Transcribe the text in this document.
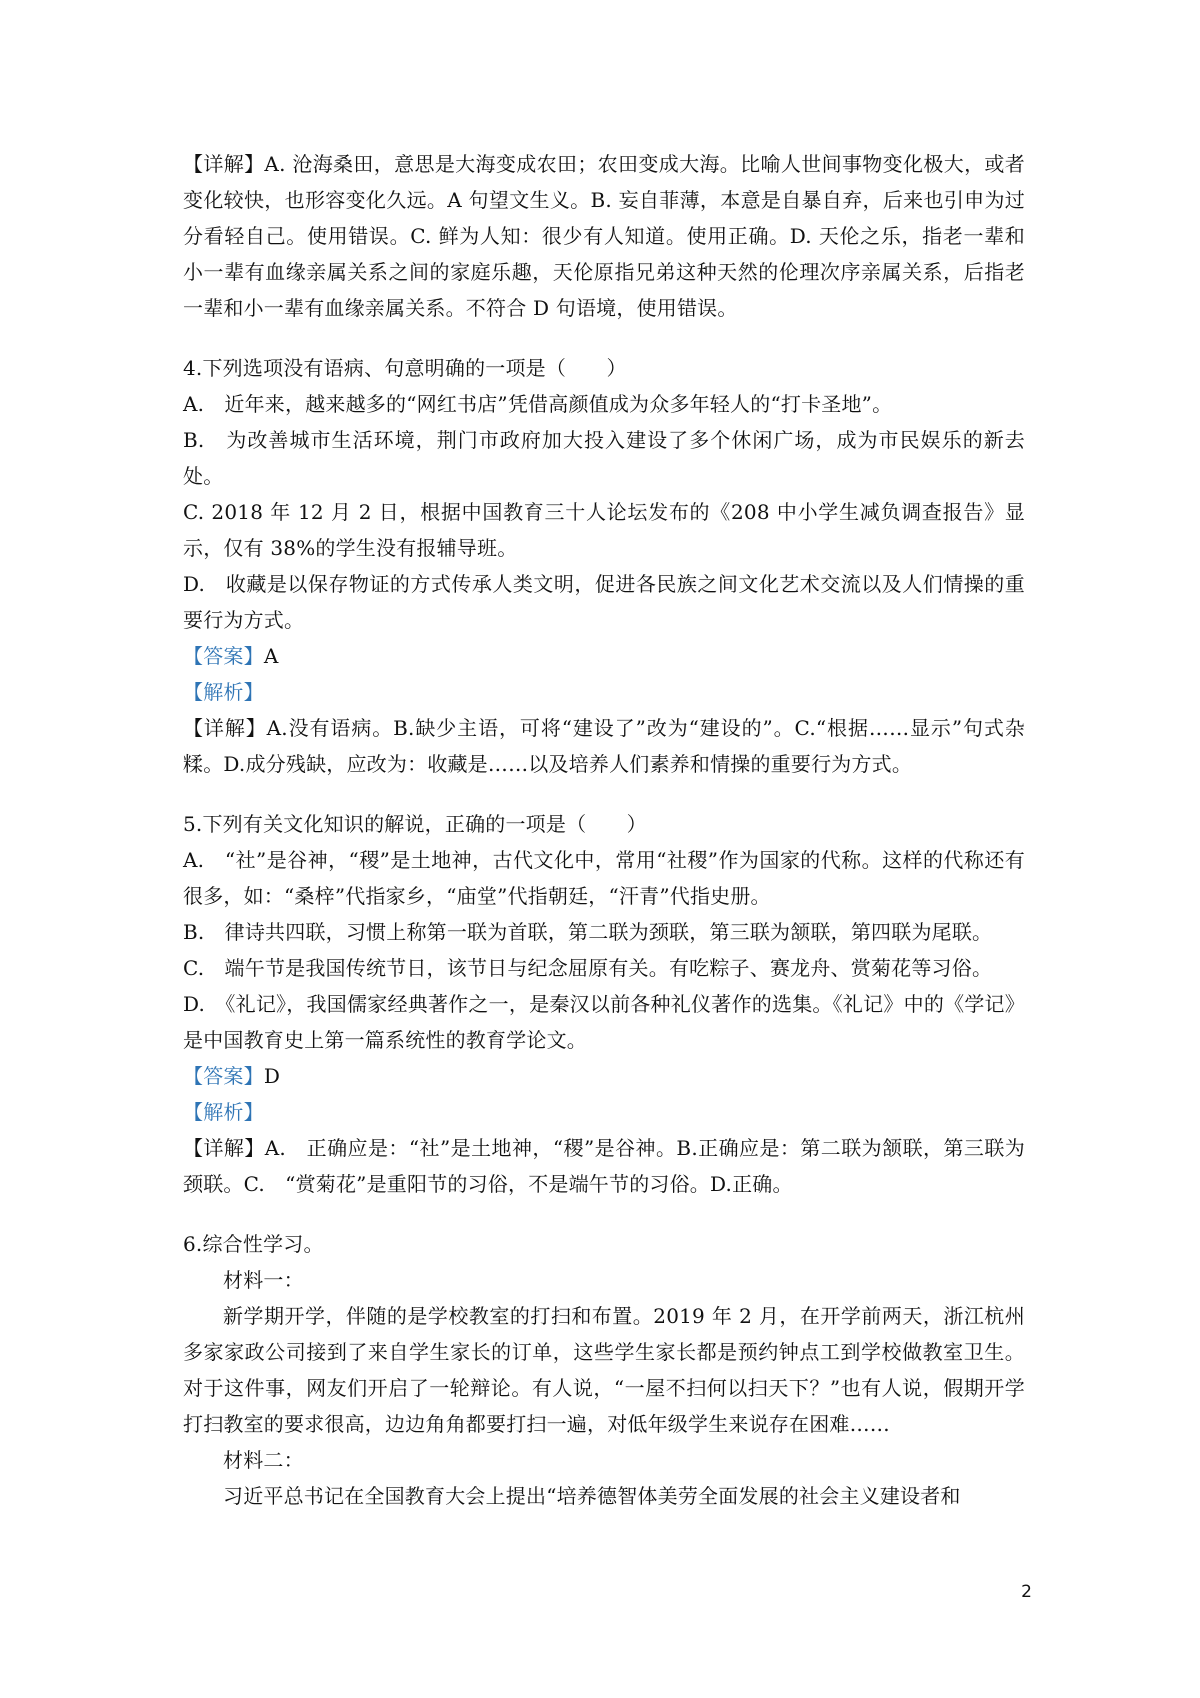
【详解】A. 沧海桑田，意思是大海变成农田；农田变成大海。比喻人世间事物变化极大，或者变化较快，也形容变化久远。A 句望文生义。B. 妄自菲薄，本意是自暴自弃，后来也引申为过分看轻自己。使用错误。C. 鲜为人知：很少有人知道。使用正确。D. 天伦之乐，指老一辈和小一辈有血缘亲属关系之间的家庭乐趣，天伦原指兄弟这种天然的伦理次序亲属关系，后指老一辈和小一辈有血缘亲属关系。不符合 D 句语境，使用错误。

4.下列选项没有语病、句意明确的一项是（　　）

A.　近年来，越来越多的“网红书店”凭借高颜值成为众多年轻人的“打卡圣地”。

B.　为改善城市生活环境，荆门市政府加大投入建设了多个休闲广场，成为市民娱乐的新去处。

C. 2018 年 12 月 2 日，根据中国教育三十人论坛发布的《208 中小学生减负调查报告》显示，仅有 38%的学生没有报辅导班。

D.　收藏是以保存物证的方式传承人类文明，促进各民族之间文化艺术交流以及人们情操的重要行为方式。

【答案】A

【解析】

【详解】A.没有语病。B.缺少主语，可将“建设了”改为“建设的”。C.“根据……显示”句式杂糅。D.成分残缺，应改为：收藏是……以及培养人们素养和情操的重要行为方式。

5.下列有关文化知识的解说，正确的一项是（　　）

A.　“社”是谷神，“稷”是土地神，古代文化中，常用“社稷”作为国家的代称。这样的代称还有很多，如：“桑梓”代指家乡，“庙堂”代指朝廷，“汗青”代指史册。

B.　律诗共四联，习惯上称第一联为首联，第二联为颈联，第三联为颔联，第四联为尾联。

C.　端午节是我国传统节日，该节日与纪念屈原有关。有吃粽子、赛龙舟、赏菊花等习俗。

D.　《礼记》，我国儒家经典著作之一，是秦汉以前各种礼仪著作的选集。《礼记》中的《学记》是中国教育史上第一篇系统性的教育学论文。

【答案】D

【解析】

【详解】A.　正确应是：“社”是土地神，“稷”是谷神。B.正确应是：第二联为颔联，第三联为颈联。C.　“赏菊花”是重阳节的习俗，不是端午节的习俗。D.正确。

6.综合性学习。

材料一：

新学期开学，伴随的是学校教室的打扫和布置。2019 年 2 月，在开学前两天，浙江杭州多家家政公司接到了来自学生家长的订单，这些学生家长都是预约钟点工到学校做教室卫生。对于这件事，网友们开启了一轮辩论。有人说，“一屋不扫何以扫天下？”也有人说，假期开学打扫教室的要求很高，边边角角都要打扫一遍，对低年级学生来说存在困难……

材料二：

习近平总书记在全国教育大会上提出“培养德智体美劳全面发展的社会主义建设者和

2
